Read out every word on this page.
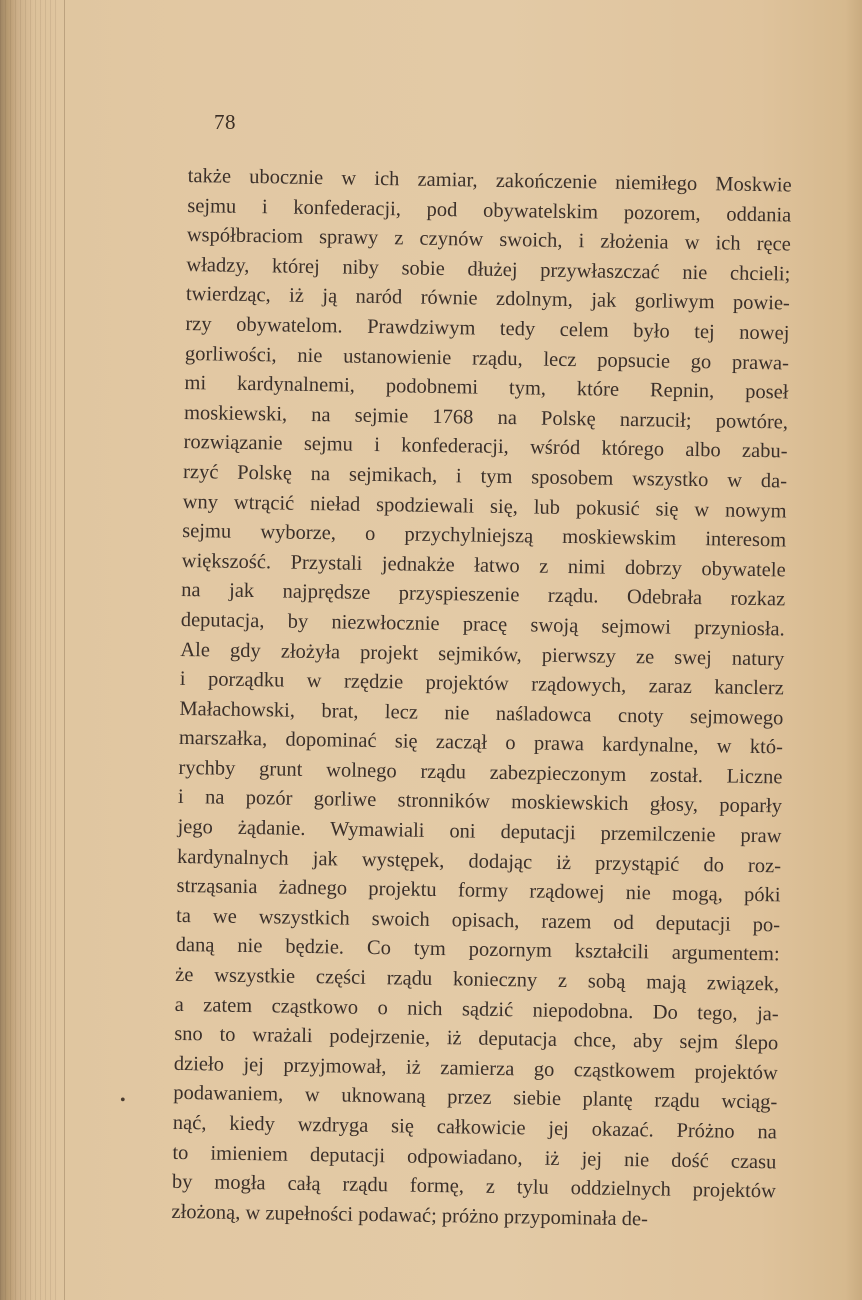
78
także ubocznie w ich zamiar, zakończenie niemiłego Moskwie
sejmu i konfederacji, pod obywatelskim pozorem, oddania
współbraciom sprawy z czynów swoich, i złożenia w ich ręce
władzy, której niby sobie dłużej przywłaszczać nie chcieli;
twierdząc, iż ją naród równie zdolnym, jak gorliwym powie-
rzy obywatelom. Prawdziwym tedy celem było tej nowej
gorliwości, nie ustanowienie rządu, lecz popsucie go prawa-
mi kardynalnemi, podobnemi tym, które Repnin, poseł
moskiewski, na sejmie 1768 na Polskę narzucił; powtóre,
rozwiązanie sejmu i konfederacji, wśród którego albo zabu-
rzyć Polskę na sejmikach, i tym sposobem wszystko w da-
wny wtrącić nieład spodziewali się, lub pokusić się w nowym
sejmu wyborze, o przychylniejszą moskiewskim interesom
większość. Przystali jednakże łatwo z nimi dobrzy obywatele
na jak najprędsze przyspieszenie rządu. Odebrała rozkaz
deputacja, by niezwłocznie pracę swoją sejmowi przyniosła.
Ale gdy złożyła projekt sejmików, pierwszy ze swej natury
i porządku w rzędzie projektów rządowych, zaraz kanclerz
Małachowski, brat, lecz nie naśladowca cnoty sejmowego
marszałka, dopominać się zaczął o prawa kardynalne, w któ-
rychby grunt wolnego rządu zabezpieczonym został. Liczne
i na pozór gorliwe stronników moskiewskich głosy, poparły
jego żądanie. Wymawiali oni deputacji przemilczenie praw
kardynalnych jak występek, dodając iż przystąpić do roz-
strząsania żadnego projektu formy rządowej nie mogą, póki
ta we wszystkich swoich opisach, razem od deputacji po-
daną nie będzie. Co tym pozornym kształcili argumentem:
że wszystkie części rządu konieczny z sobą mają związek,
a zatem cząstkowo o nich sądzić niepodobna. Do tego, ja-
sno to wrażali podejrzenie, iż deputacja chce, aby sejm ślepo
dzieło jej przyjmował, iż zamierza go cząstkowem projektów
podawaniem, w uknowaną przez siebie plantę rządu wciąg-
nąć, kiedy wzdryga się całkowicie jej okazać. Próżno na
to imieniem deputacji odpowiadano, iż jej nie dość czasu
by mogła całą rządu formę, z tylu oddzielnych projektów
złożoną, w zupełności podawać; próżno przypominała de-
•
